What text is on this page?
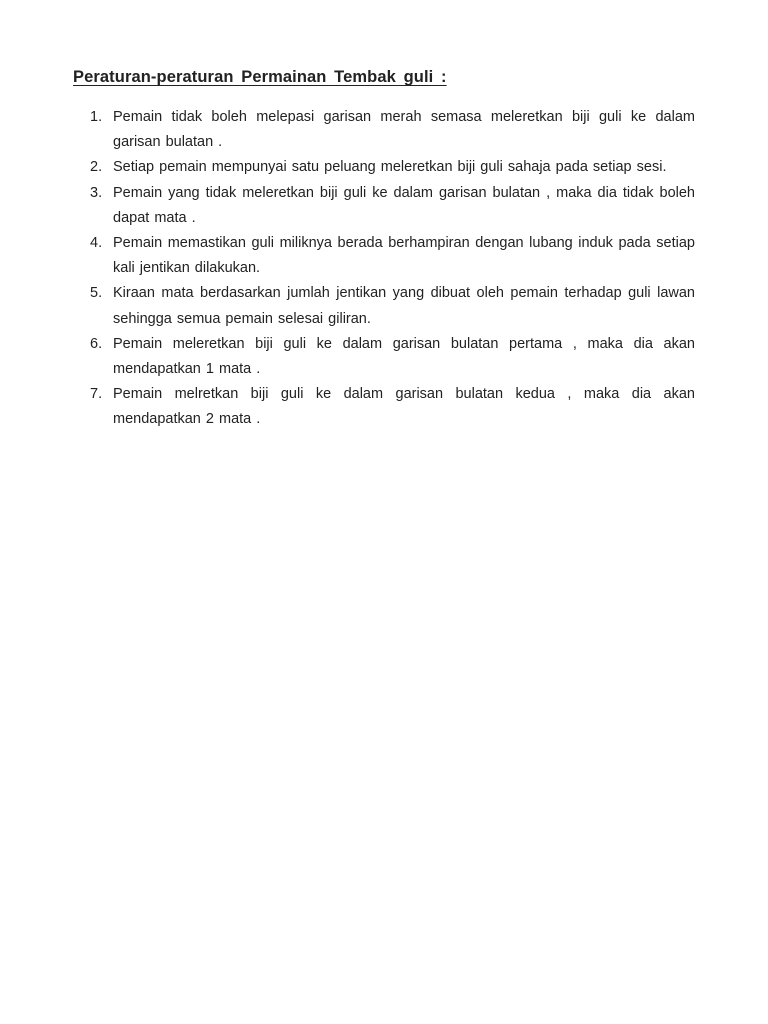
Peraturan-peraturan Permainan Tembak guli :
1. Pemain tidak boleh melepasi garisan merah semasa meleretkan biji guli ke dalam garisan bulatan .
2. Setiap pemain mempunyai satu peluang meleretkan biji guli sahaja pada setiap sesi.
3. Pemain yang tidak meleretkan biji guli ke dalam garisan bulatan , maka dia tidak boleh dapat mata .
4. Pemain memastikan guli miliknya berada berhampiran dengan lubang induk pada setiap kali jentikan dilakukan.
5. Kiraan mata berdasarkan jumlah jentikan yang dibuat oleh pemain terhadap guli lawan sehingga semua pemain selesai giliran.
6. Pemain meleretkan biji guli ke dalam garisan bulatan pertama , maka dia akan mendapatkan 1 mata .
7. Pemain melretkan biji guli ke dalam garisan bulatan kedua , maka dia akan mendapatkan 2 mata .
